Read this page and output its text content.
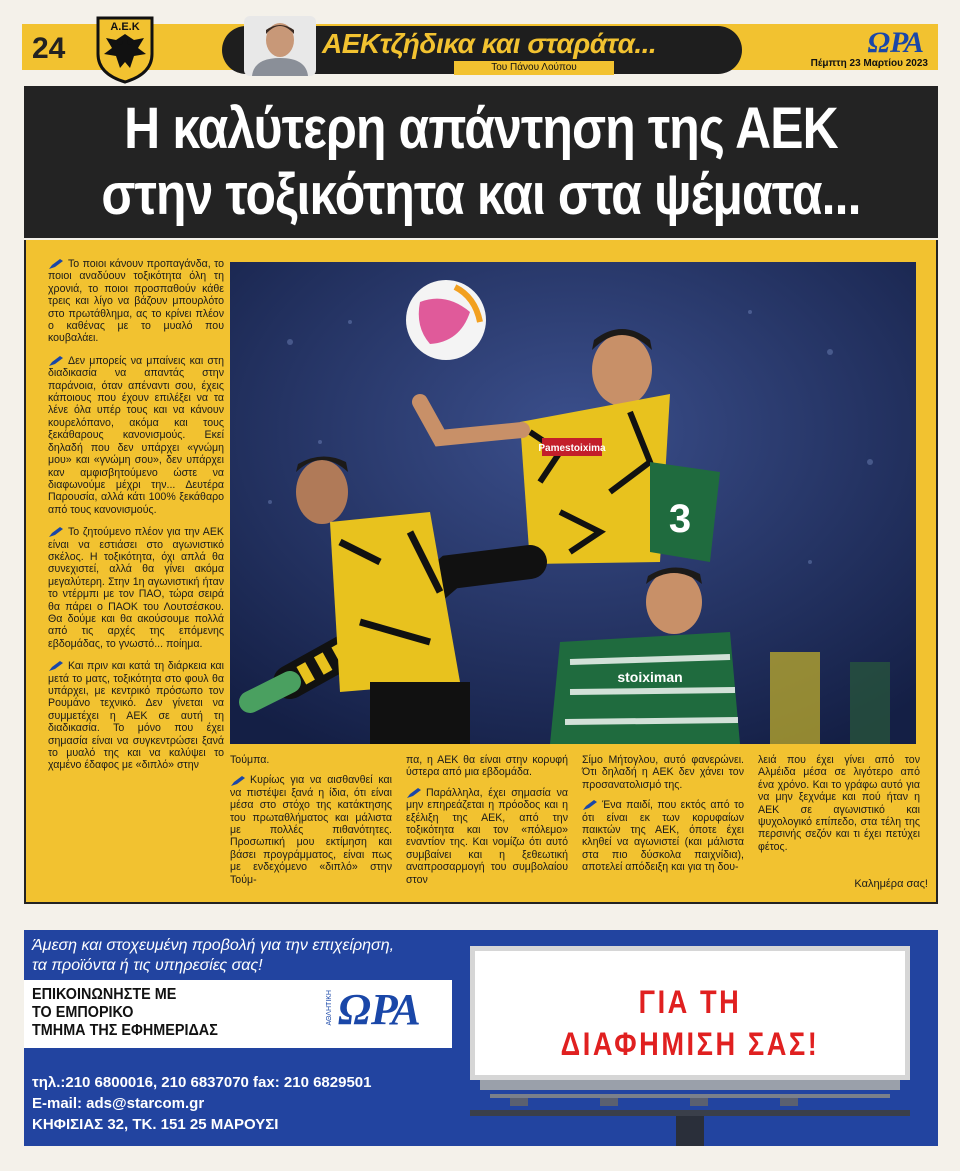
24
Α.Ε.Κ
ΑΕΚτζήδικα και σταράτα...
Του Πάνου Λούπου
ΩΡΑ
Πέμπτη 23 Μαρτίου 2023
Η καλύτερη απάντηση της ΑΕΚ
στην τοξικότητα και στα ψέματα...

Το ποιοι κάνουν προπαγάνδα, το ποιοι αναδύουν τοξικότητα όλη τη χρονιά, το ποιοι προσπαθούν κάθε τρεις και λίγο να βάζουν μπουρλότο στο πρωτάθλημα, ας το κρίνει πλέον ο καθένας με το μυαλό που κουβαλάει.

Δεν μπορείς να μπαίνεις και στη διαδικασία να απαντάς στην παράνοια, όταν απέναντι σου, έχεις κάποιους που έχουν επιλέξει να τα λένε όλα υπέρ τους και να κάνουν κουρελόπανο, ακόμα και τους ξεκάθαρους κανονισμούς. Εκεί δηλαδή που δεν υπάρχει «γνώμη μου» και «γνώμη σου», δεν υπάρχει καν αμφισβητούμενο ώστε να διαφωνούμε μέχρι την... Δευτέρα Παρουσία, αλλά κάτι 100% ξεκάθαρο από τους κανονισμούς.

Το ζητούμενο πλέον για την ΑΕΚ είναι να εστιάσει στο αγωνιστικό σκέλος. Η τοξικότητα, όχι απλά θα συνεχιστεί, αλλά θα γίνει ακόμα μεγαλύτερη. Στην 1η αγωνιστική ήταν το ντέρμπι με τον ΠΑΟ, τώρα σειρά θα πάρει ο ΠΑΟΚ του Λουτσέσκου. Θα δούμε και θα ακούσουμε πολλά από τις αρχές της επόμενης εβδομάδας, το γνωστό... ποίημα.

Και πριν και κατά τη διάρκεια και μετά το ματς, τοξικότητα στο φουλ θα υπάρχει, με κεντρικό πρόσωπο τον Ρουμάνο τεχνικό. Δεν γίνεται να συμμετέχει η ΑΕΚ σε αυτή τη διαδικασία. Το μόνο που έχει σημασία είναι να συγκεντρώσει ξανά το μυαλό της και να καλύψει το χαμένο έδαφος με «διπλό» στην

Pamestoixima
3
stoiximan

Τούμπα.

Κυρίως για να αισθανθεί και να πιστέψει ξανά η ίδια, ότι είναι μέσα στο στόχο της κατάκτησης του πρωταθλήματος και μάλιστα με πολλές πιθανότητες. Προσωπική μου εκτίμηση και βάσει προγράμματος, είναι πως με ενδεχόμενο «διπλό» στην Τούμ-

πα, η ΑΕΚ θα είναι στην κορυφή ύστερα από μια εβδομάδα.

Παράλληλα, έχει σημασία να μην επηρεάζεται η πρόοδος και η εξέλιξη της ΑΕΚ, από την τοξικότητα και τον «πόλεμο» εναντίον της. Και νομίζω ότι αυτό συμβαίνει και η ξεθεωτική αναπροσαρμογή του συμβολαίου στον

Σίμο Μήτογλου, αυτό φανερώνει. Ότι δηλαδή η ΑΕΚ δεν χάνει τον προσανατολισμό της.

Ένα παιδί, που εκτός από το ότι είναι εκ των κορυφαίων παικτών της ΑΕΚ, όποτε έχει κληθεί να αγωνιστεί (και μάλιστα στα πιο δύσκολα παιχνίδια), αποτελεί απόδειξη και για τη δου-

λειά που έχει γίνει από τον Αλμέιδα μέσα σε λιγότερο από ένα χρόνο. Και το γράφω αυτό για να μην ξεχνάμε και πού ήταν η ΑΕΚ σε αγωνιστικό και ψυχολογικό επίπεδο, στα τέλη της περσινής σεζόν και τι έχει πετύχει φέτος.

Καλημέρα σας!
Άμεση και στοχευμένη προβολή για την επιχείρηση,
τα προϊόντα ή τις υπηρεσίες σας!
ΕΠΙΚΟΙΝΩΝΗΣΤΕ ΜΕ
ΤΟ ΕΜΠΟΡΙΚΟ
ΤΜΗΜΑ ΤΗΣ ΕΦΗΜΕΡΙΔΑΣ
ΑΘΛΗΤΙΚΗ ΩΡΑ
τηλ.:210 6800016, 210 6837070 fax: 210 6829501
E-mail: ads@starcom.gr
ΚΗΦΙΣΙΑΣ 32, ΤΚ. 151 25 ΜΑΡΟΥΣΙ
ΓΙΑ ΤΗ
ΔΙΑΦΗΜΙΣΗ ΣΑΣ!
